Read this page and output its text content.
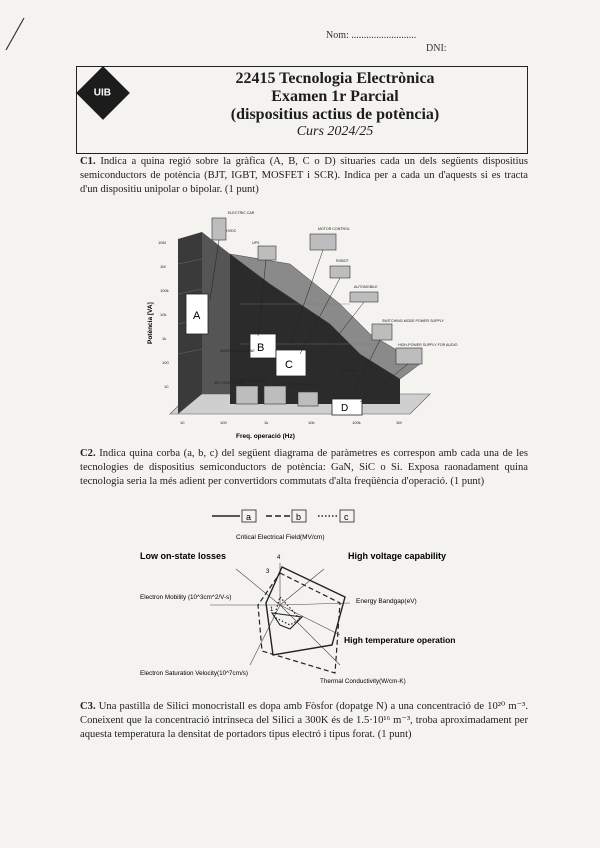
Nom: ..........................
DNI:
UIB
22415 Tecnologia Electrònica
Examen 1r Parcial
(dispositius actius de potència)
Curs 2024/25
C1. Indica a quina regió sobre la gràfica (A, B, C o D) situaries cada un dels següents dispositius semiconductors de potència (BJT, IGBT, MOSFET i SCR). Indica per a cada un d'aquests si es tracta d'un dispositiu unipolar o bipolar. (1 punt)
A
B
C
D
ELECTRIC CAR
HVDC
UPS
MOTOR CONTROL
ROBOT
AUTOMOBILE
SWITCHING-MODE POWER SUPPLY
HIGH-POWER SUPPLY FOR AUDIO
WASHING MACHINE
AIR CONDITIONER
REFRIGERATOR
MICROWAVE OVEN
LIGHTING
10M
1M
100k
10k
1k
100
10
10	100	1k	10k	100k	1M
Potència [VA]
Freq. operació (Hz)
C2. Indica quina corba (a, b, c) del següent diagrama de paràmetres es correspon amb cada una de les tecnologies de dispositius semiconductors de potència: GaN, SiC o Si. Exposa raonadament quina tecnologia seria la més adient per convertidors commutats d'alta freqüència d'operació. (1 punt)
a	b	c
4
3
1
Critical Electrical Field(MV/cm)
Low on-state losses	High voltage capability
Electron Mobility (10^3cm^2/V-s)
Energy Bandgap(eV)
High temperature operation
Electron Saturation Velocity(10^7cm/s)
Thermal Conductivity(W/cm-K)
C3. Una pastilla de Silici monocristall es dopa amb Fòsfor (dopatge N) a una concentració de 10²⁰ m⁻³. Coneixent que la concentració intrínseca del Silici a 300K és de 1.5·10¹⁶ m⁻³, troba aproximadament per aquesta temperatura la densitat de portadors tipus electró i tipus forat. (1 punt)
